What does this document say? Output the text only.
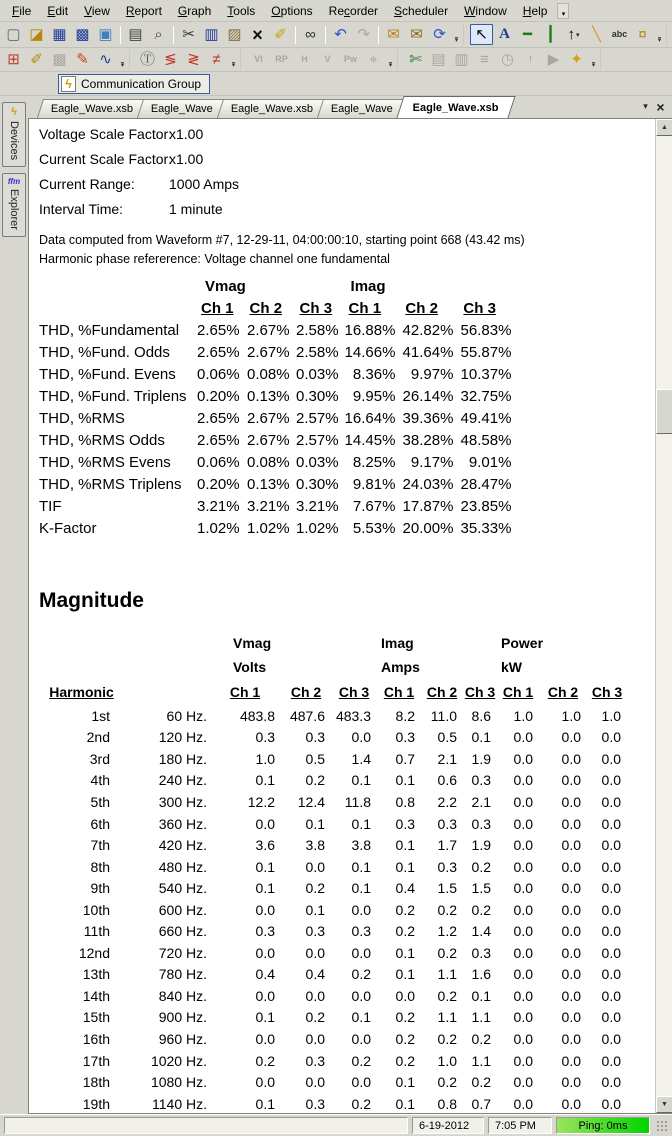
File Edit View Report Graph Tools Options Recorder Scheduler Window Help	▾
▢ ◪ ▦ ▩ ▣ ▤ ⌕ ✂ ▥ ▨ × ✐ ∞ ↶ ↷ ✉ ✉ ⟳ ▾ ↖ A ━ ┃ ↑ ▾ ╲ abc ¤ ▾
⊞ ✐ ▩ ✎ ∿ ▾ Ⓣ ≶ ≷ ≠ ▾
VI RP H V Pw ⌖ ▾ ✄ ▤ ▥ ≡ ◷ ! ▶ ✦ ▾
ϟ Communication Group
ϟ
Devices
ffm
Explorer
Eagle_Wave.xsb Eagle_Wave Eagle_Wave.xsb Eagle_Wave Eagle_Wave.xsb	▾ ×
Voltage Scale Factor:x1.00
Current Scale Factor:x1.00
Current Range: 1000 Amps
Interval Time:	1 minute
Data computed from Waveform #7, 12-29-11, 04:00:00:10, starting point 668 (43.42 ms)
Harmonic phase refererence: Voltage channel one fundamental
	Vmag			Imag		
	Ch 1	Ch 2	Ch 3	Ch 1	Ch 2	Ch 3
THD, %Fundamental	2.65%	2.67%	2.58%	16.88%	42.82%	56.83%
THD, %Fund. Odds	2.65%	2.67%	2.58%	14.66%	41.64%	55.87%
THD, %Fund. Evens	0.06%	0.08%	0.03%	8.36%	9.97%	10.37%
THD, %Fund. Triplens	0.20%	0.13%	0.30%	9.95%	26.14%	32.75%
THD, %RMS	2.65%	2.67%	2.57%	16.64%	39.36%	49.41%
THD, %RMS Odds	2.65%	2.67%	2.57%	14.45%	38.28%	48.58%
THD, %RMS Evens	0.06%	0.08%	0.03%	8.25%	9.17%	9.01%
THD, %RMS Triplens	0.20%	0.13%	0.30%	9.81%	24.03%	28.47%
TIF	3.21%	3.21%	3.21%	7.67%	17.87%	23.85%
K-Factor	1.02%	1.02%	1.02%	5.53%	20.00%	35.33%
Magnitude
		Vmag			Imag			Power		
		Volts			Amps			kW		
Harmonic		Ch 1	Ch 2	Ch 3	Ch 1	Ch 2	Ch 3	Ch 1	Ch 2	Ch 3
1st	60 Hz.	483.8	487.6	483.3	8.2	11.0	8.6	1.0	1.0	1.0
2nd	120 Hz.	0.3	0.3	0.0	0.3	0.5	0.1	0.0	0.0	0.0
3rd	180 Hz.	1.0	0.5	1.4	0.7	2.1	1.9	0.0	0.0	0.0
4th	240 Hz.	0.1	0.2	0.1	0.1	0.6	0.3	0.0	0.0	0.0
5th	300 Hz.	12.2	12.4	11.8	0.8	2.2	2.1	0.0	0.0	0.0
6th	360 Hz.	0.0	0.1	0.1	0.3	0.3	0.3	0.0	0.0	0.0
7th	420 Hz.	3.6	3.8	3.8	0.1	1.7	1.9	0.0	0.0	0.0
8th	480 Hz.	0.1	0.0	0.1	0.1	0.3	0.2	0.0	0.0	0.0
9th	540 Hz.	0.1	0.2	0.1	0.4	1.5	1.5	0.0	0.0	0.0
10th	600 Hz.	0.0	0.1	0.0	0.2	0.2	0.2	0.0	0.0	0.0
11th	660 Hz.	0.3	0.3	0.3	0.2	1.2	1.4	0.0	0.0	0.0
12nd	720 Hz.	0.0	0.0	0.0	0.1	0.2	0.3	0.0	0.0	0.0
13th	780 Hz.	0.4	0.4	0.2	0.1	1.1	1.6	0.0	0.0	0.0
14th	840 Hz.	0.0	0.0	0.0	0.0	0.2	0.1	0.0	0.0	0.0
15th	900 Hz.	0.1	0.2	0.1	0.2	1.1	1.1	0.0	0.0	0.0
16th	960 Hz.	0.0	0.0	0.0	0.2	0.2	0.2	0.0	0.0	0.0
17th	1020 Hz.	0.2	0.3	0.2	0.2	1.0	1.1	0.0	0.0	0.0
18th	1080 Hz.	0.0	0.0	0.0	0.1	0.2	0.2	0.0	0.0	0.0
19th	1140 Hz.	0.1	0.3	0.2	0.1	0.8	0.7	0.0	0.0	0.0
▲
▼
6-19-2012	7:05 PM	Ping: 0ms
